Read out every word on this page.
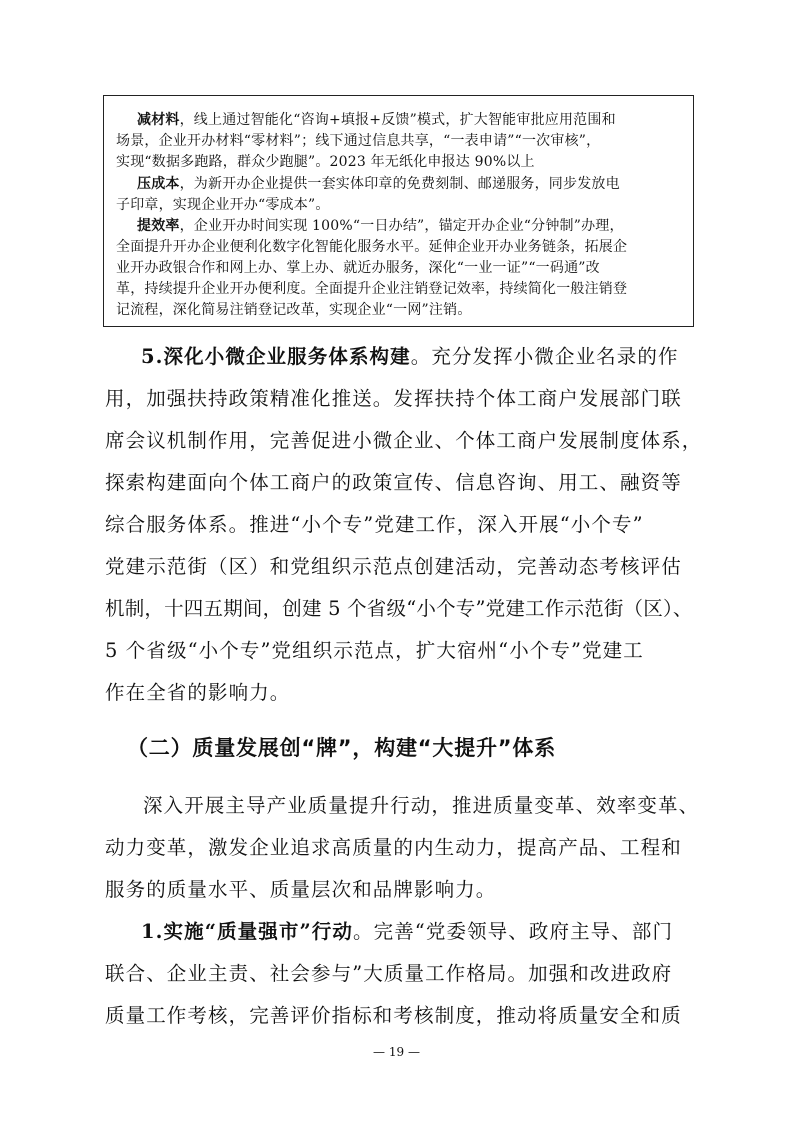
减材料，线上通过智能化“咨询+填报+反馈”模式，扩大智能审批应用范围和
场景，企业开办材料“零材料”；线下通过信息共享，“一表申请”“一次审核”，
实现“数据多跑路，群众少跑腿”。2023 年无纸化申报达 90%以上
压成本，为新开办企业提供一套实体印章的免费刻制、邮递服务，同步发放电
子印章，实现企业开办“零成本”。
提效率，企业开办时间实现 100%“一日办结”，锚定开办企业“分钟制”办理，
全面提升开办企业便利化数字化智能化服务水平。延伸企业开办业务链条，拓展企
业开办政银合作和网上办、掌上办、就近办服务，深化“一业一证”“一码通”改
革，持续提升企业开办便利度。全面提升企业注销登记效率，持续简化一般注销登
记流程，深化简易注销登记改革，实现企业“一网”注销。
5.深化小微企业服务体系构建。充分发挥小微企业名录的作
用，加强扶持政策精准化推送。发挥扶持个体工商户发展部门联
席会议机制作用，完善促进小微企业、个体工商户发展制度体系，
探索构建面向个体工商户的政策宣传、信息咨询、用工、融资等
综合服务体系。推进“小个专”党建工作，深入开展“小个专”
党建示范街（区）和党组织示范点创建活动，完善动态考核评估
机制，十四五期间，创建 5 个省级“小个专”党建工作示范街（区）、
5 个省级“小个专”党组织示范点，扩大宿州“小个专”党建工
作在全省的影响力。
（二）质量发展创“牌”，构建“大提升”体系
深入开展主导产业质量提升行动，推进质量变革、效率变革、
动力变革，激发企业追求高质量的内生动力，提高产品、工程和
服务的质量水平、质量层次和品牌影响力。
1.实施“质量强市”行动。完善“党委领导、政府主导、部门
联合、企业主责、社会参与”大质量工作格局。加强和改进政府
质量工作考核，完善评价指标和考核制度，推动将质量安全和质
— 19 —
